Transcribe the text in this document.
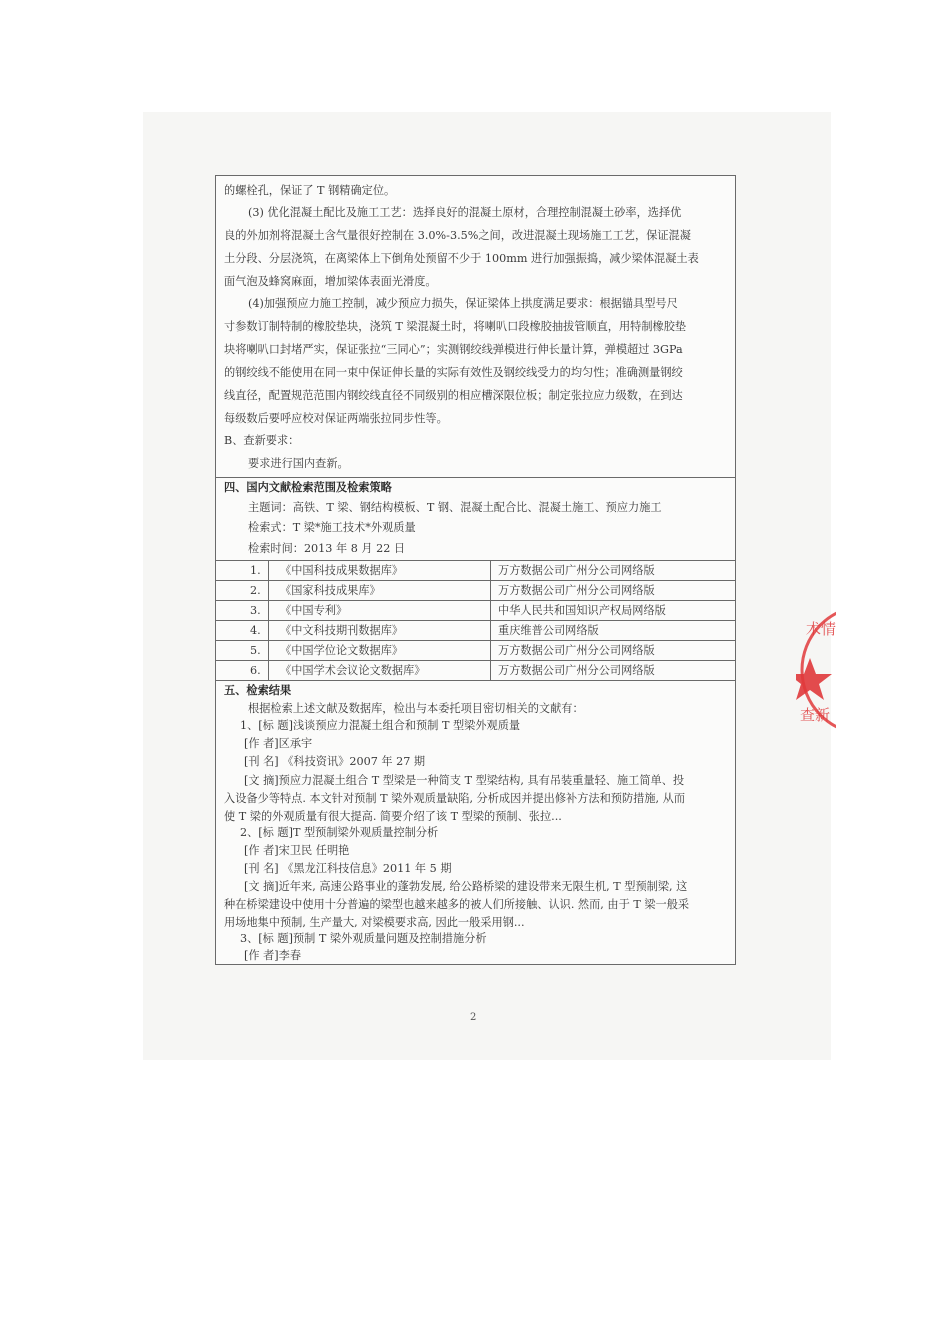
的螺栓孔，保证了 T 钢精确定位。
(3) 优化混凝土配比及施工工艺：选择良好的混凝土原材，合理控制混凝土砂率，选择优
良的外加剂将混凝土含气量很好控制在 3.0%-3.5%之间，改进混凝土现场施工工艺，保证混凝
土分段、分层浇筑，在离梁体上下倒角处预留不少于 100mm 进行加强振捣，减少梁体混凝土表
面气泡及蜂窝麻面，增加梁体表面光滑度。
(4)加强预应力施工控制，减少预应力损失，保证梁体上拱度满足要求：根据锚具型号尺
寸参数订制特制的橡胶垫块，浇筑 T 梁混凝土时，将喇叭口段橡胶抽拔管顺直，用特制橡胶垫
块将喇叭口封堵严实，保证张拉“三同心”；实测钢绞线弹模进行伸长量计算，弹模超过 3GPa
的钢绞线不能使用在同一束中保证伸长量的实际有效性及钢绞线受力的均匀性；准确测量钢绞
线直径，配置规范范围内钢绞线直径不同级别的相应槽深限位板；制定张拉应力级数，在到达
每级数后要呼应校对保证两端张拉同步性等。
B、查新要求：
要求进行国内查新。
四、国内文献检索范围及检索策略
主题词：高铁、T 梁、钢结构模板、T 钢、混凝土配合比、混凝土施工、预应力施工
检索式：T 梁*施工技术*外观质量
检索时间：2013 年 8 月 22 日
1. 《中国科技成果数据库》	万方数据公司广州分公司网络版
2. 《国家科技成果库》	万方数据公司广州分公司网络版
3. 《中国专利》	中华人民共和国知识产权局网络版
4. 《中文科技期刊数据库》	重庆维普公司网络版
5. 《中国学位论文数据库》	万方数据公司广州分公司网络版
6. 《中国学术会议论文数据库》	万方数据公司广州分公司网络版
五、检索结果
根据检索上述文献及数据库，检出与本委托项目密切相关的文献有：
1、[标 题]浅谈预应力混凝土组合和预制 T 型梁外观质量
[作 者]区承宇
[刊 名] 《科技资讯》2007 年 27 期
[文 摘]预应力混凝土组合 T 型梁是一种简支 T 型梁结构, 具有吊装重量轻、施工简单、投
入设备少等特点. 本文针对预制 T 梁外观质量缺陷, 分析成因并提出修补方法和预防措施, 从而
使 T 梁的外观质量有很大提高. 简要介绍了该 T 型梁的预制、张拉...
2、[标 题]T 型预制梁外观质量控制分析
[作 者]宋卫民 任明艳
[刊 名] 《黑龙江科技信息》2011 年 5 期
[文 摘]近年来, 高速公路事业的蓬勃发展, 给公路桥梁的建设带来无限生机, T 型预制梁, 这
种在桥梁建设中使用十分普遍的梁型也越来越多的被人们所接触、认识. 然而, 由于 T 梁一般采
用场地集中预制, 生产量大, 对梁模要求高, 因此一般采用钢...
3、[标 题]预制 T 梁外观质量问题及控制措施分析
[作 者]李春
2
术情
查新
